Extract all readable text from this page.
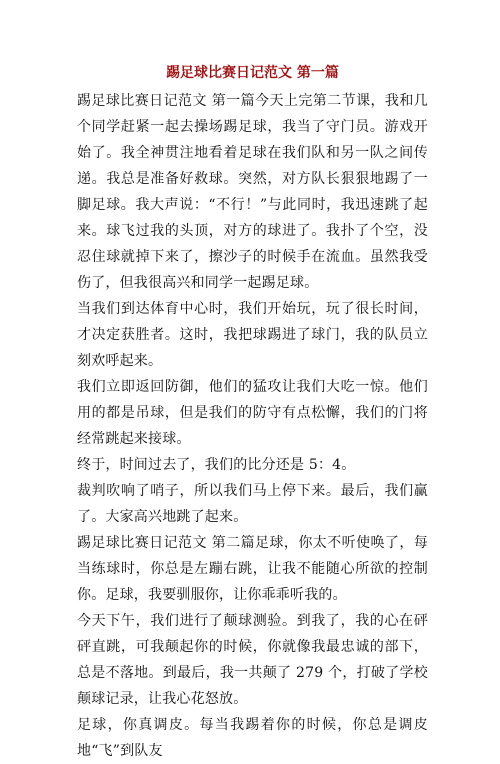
踢足球比赛日记范文 第一篇

踢足球比赛日记范文 第一篇今天上完第二节课，我和几个同学赶紧一起去操场踢足球，我当了守门员。游戏开始了。我全神贯注地看着足球在我们队和另一队之间传递。我总是准备好救球。突然，对方队长狠狠地踢了一脚足球。我大声说：“不行！”与此同时，我迅速跳了起来。球飞过我的头顶，对方的球进了。我扑了个空，没忍住球就掉下来了，擦沙子的时候手在流血。虽然我受伤了，但我很高兴和同学一起踢足球。

当我们到达体育中心时，我们开始玩，玩了很长时间，才决定获胜者。这时，我把球踢进了球门，我的队员立刻欢呼起来。

我们立即返回防御，他们的猛攻让我们大吃一惊。他们用的都是吊球，但是我们的防守有点松懈，我们的门将经常跳起来接球。

终于，时间过去了，我们的比分还是 5：4。

裁判吹响了哨子，所以我们马上停下来。最后，我们赢了。大家高兴地跳了起来。

踢足球比赛日记范文 第二篇足球，你太不听使唤了，每当练球时，你总是左蹦右跳，让我不能随心所欲的控制你。足球，我要驯服你，让你乖乖听我的。

今天下午，我们进行了颠球测验。到我了，我的心在砰砰直跳，可我颠起你的时候，你就像我最忠诚的部下，总是不落地。到最后，我一共颠了 279 个，打破了学校颠球记录，让我心花怒放。

足球，你真调皮。每当我踢着你的时候，你总是调皮地“飞”到队友
